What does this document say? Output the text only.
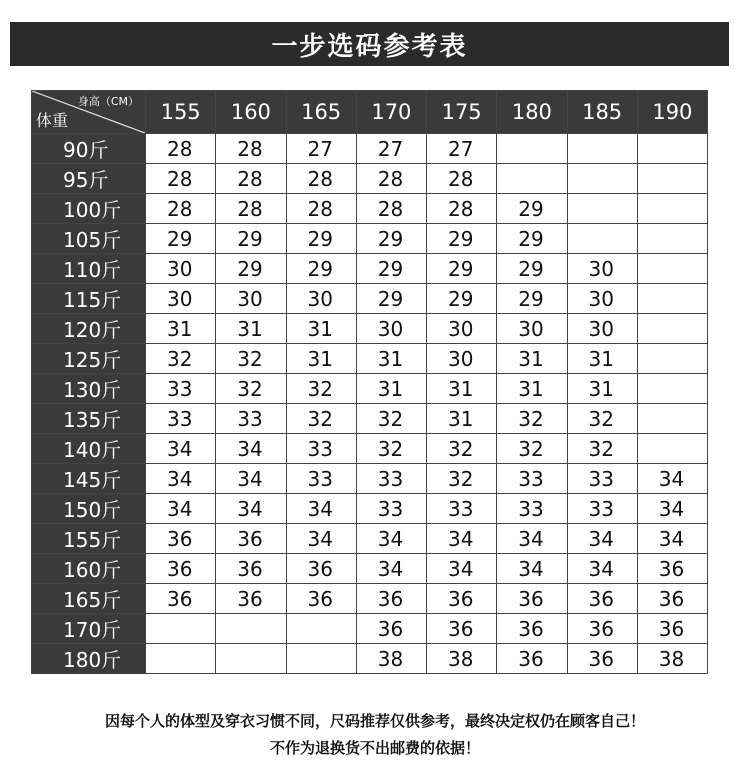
一步选码参考表
身高（CM）
体重	155	160	165	170	175	180	185	190
90斤	28	28	27	27	27			
95斤	28	28	28	28	28			
100斤	28	28	28	28	28	29		
105斤	29	29	29	29	29	29		
110斤	30	29	29	29	29	29	30	
115斤	30	30	30	29	29	29	30	
120斤	31	31	31	30	30	30	30	
125斤	32	32	31	31	30	31	31	
130斤	33	32	32	31	31	31	31	
135斤	33	33	32	32	31	32	32	
140斤	34	34	33	32	32	32	32	
145斤	34	34	33	33	32	33	33	34
150斤	34	34	34	33	33	33	33	34
155斤	36	36	34	34	34	34	34	34
160斤	36	36	36	34	34	34	34	36
165斤	36	36	36	36	36	36	36	36
170斤				36	36	36	36	36
180斤				38	38	36	36	38
因每个人的体型及穿衣习惯不同，尺码推荐仅供参考，最终决定权仍在顾客自己！
不作为退换货不出邮费的依据！
